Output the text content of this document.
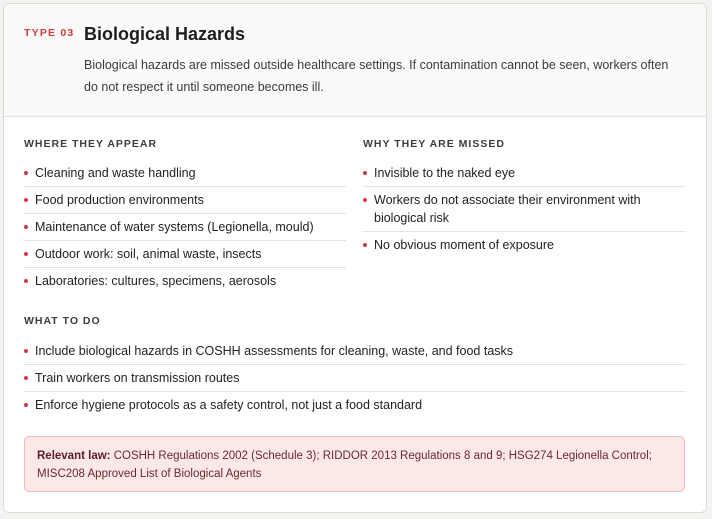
TYPE 03 Biological Hazards

Biological hazards are missed outside healthcare settings. If contamination cannot be seen, workers often do not respect it until someone becomes ill.

WHERE THEY APPEAR
Cleaning and waste handling
Food production environments
Maintenance of water systems (Legionella, mould)
Outdoor work: soil, animal waste, insects
Laboratories: cultures, specimens, aerosols
WHY THEY ARE MISSED
Invisible to the naked eye
Workers do not associate their environment with biological risk
No obvious moment of exposure
WHAT TO DO
Include biological hazards in COSHH assessments for cleaning, waste, and food tasks
Train workers on transmission routes
Enforce hygiene protocols as a safety control, not just a food standard
Relevant law: COSHH Regulations 2002 (Schedule 3); RIDDOR 2013 Regulations 8 and 9; HSG274 Legionella Control; MISC208 Approved List of Biological Agents
